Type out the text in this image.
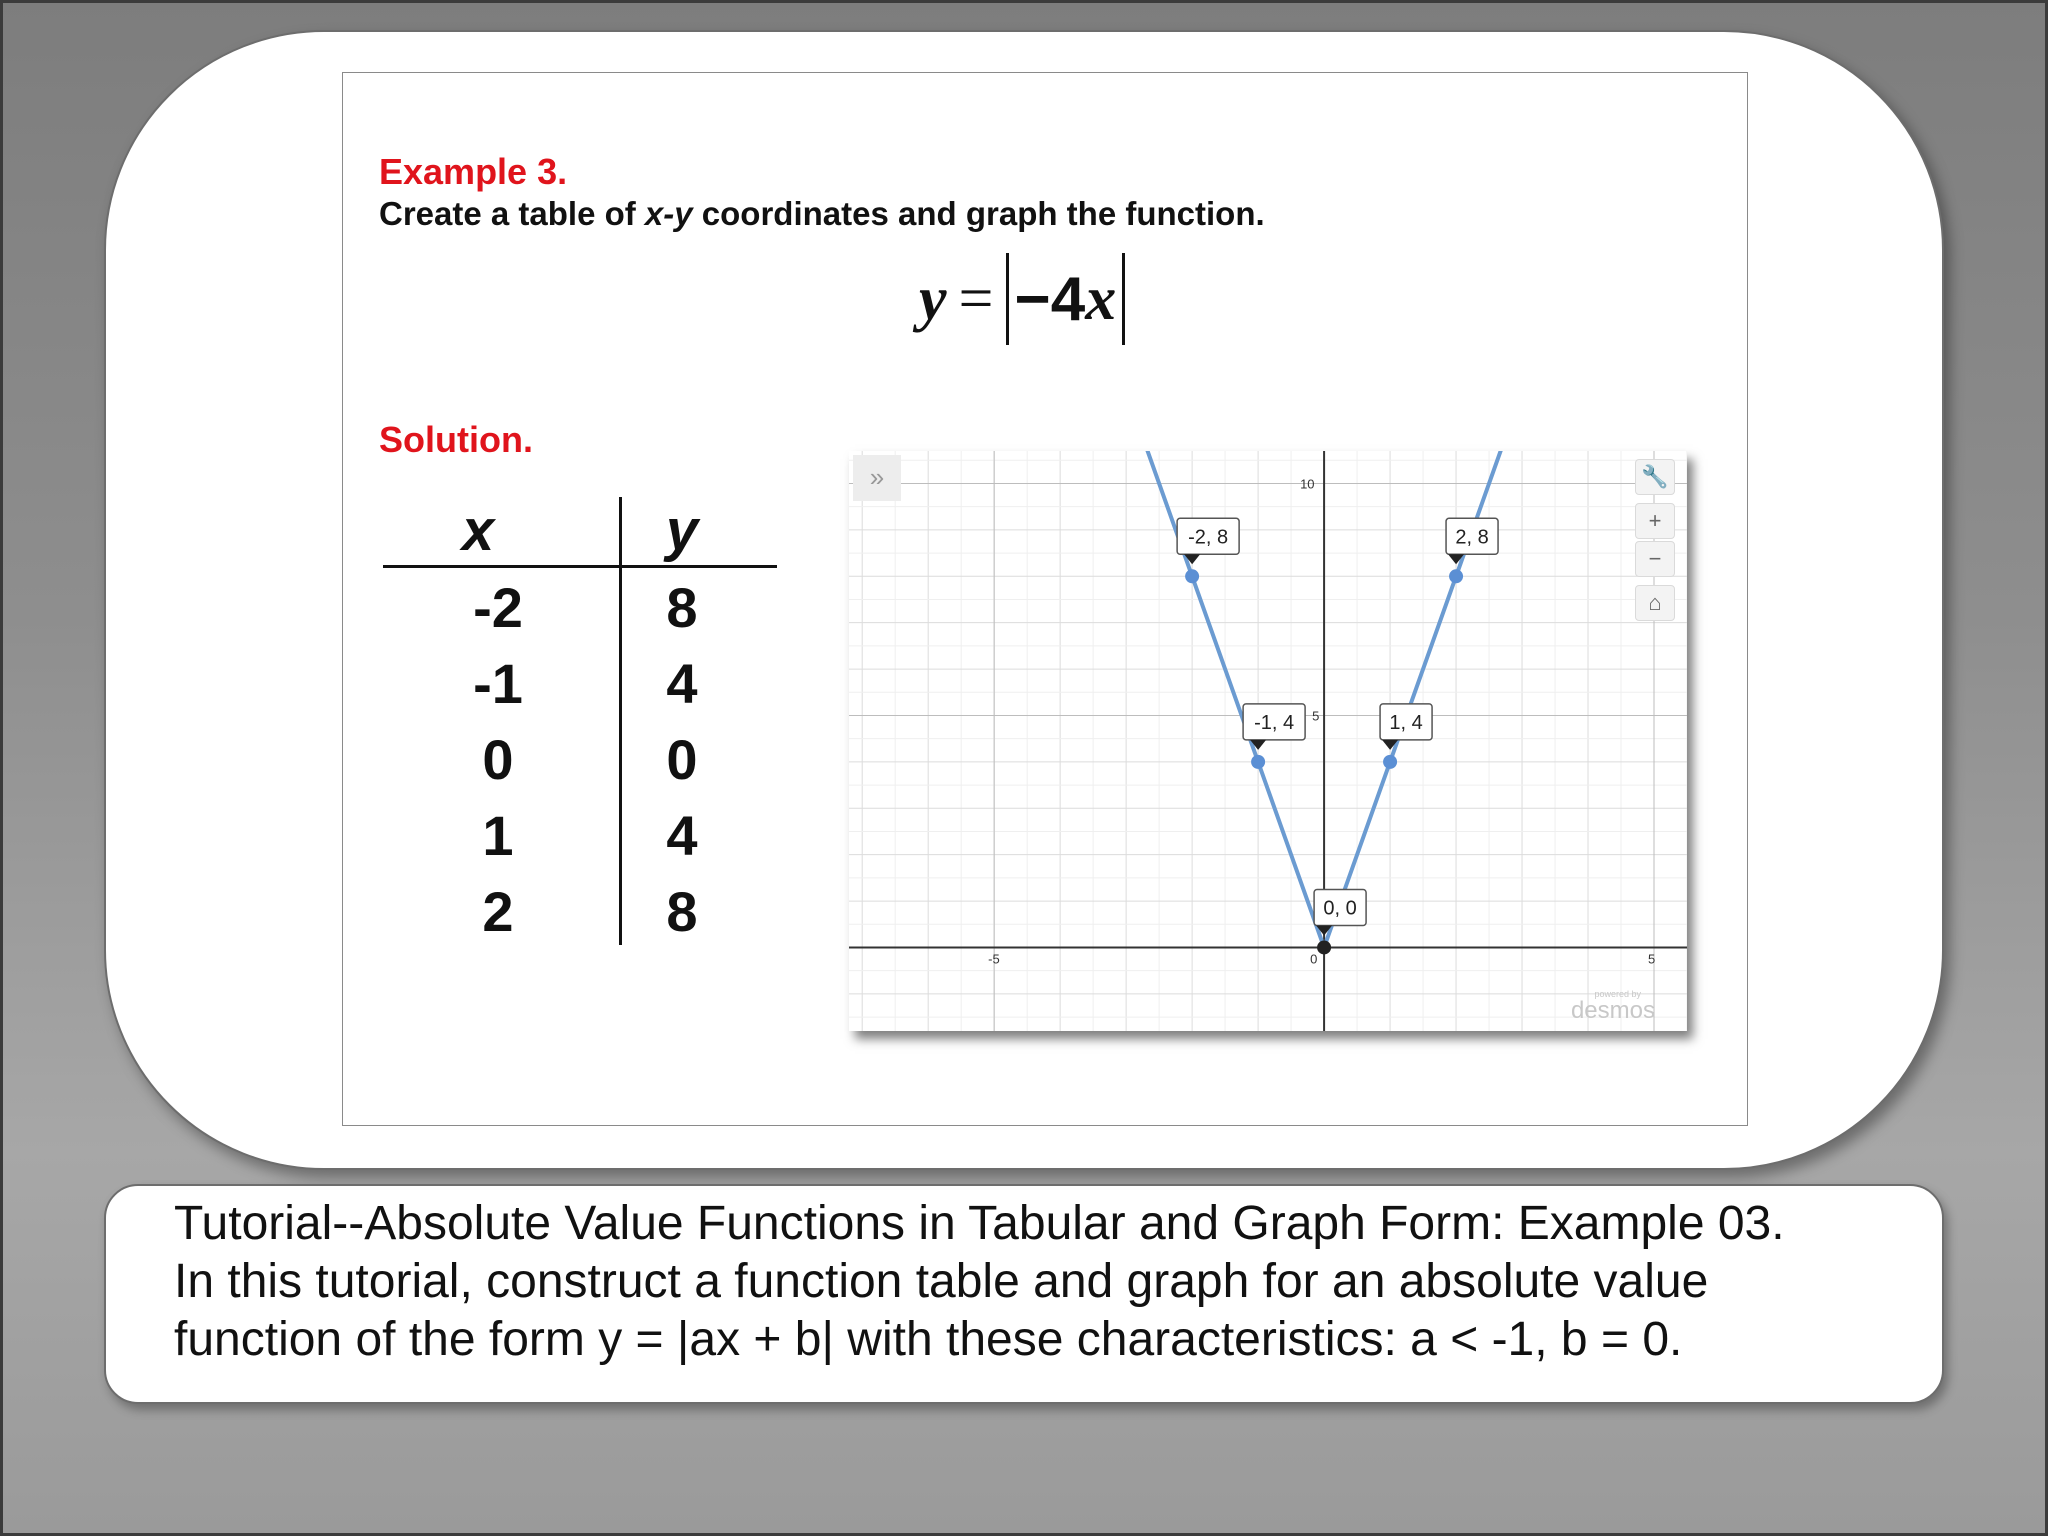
Example 3.

Create a table of x-y coordinates and graph the function.

y = −4 x

Solution.

x	y
-2	8
-1	4
0	0
1	4
2	8
-5	0	5
5
10
-2, 8
-1, 4
0, 0
1, 4
2, 8
»	🔧
+
−
⌂
powered by
desmos

Tutorial--Absolute Value Functions in Tabular and Graph Form: Example 03.

In this tutorial, construct a function table and graph for an absolute value

function of the form y = |ax + b| with these characteristics: a < -1, b = 0.
